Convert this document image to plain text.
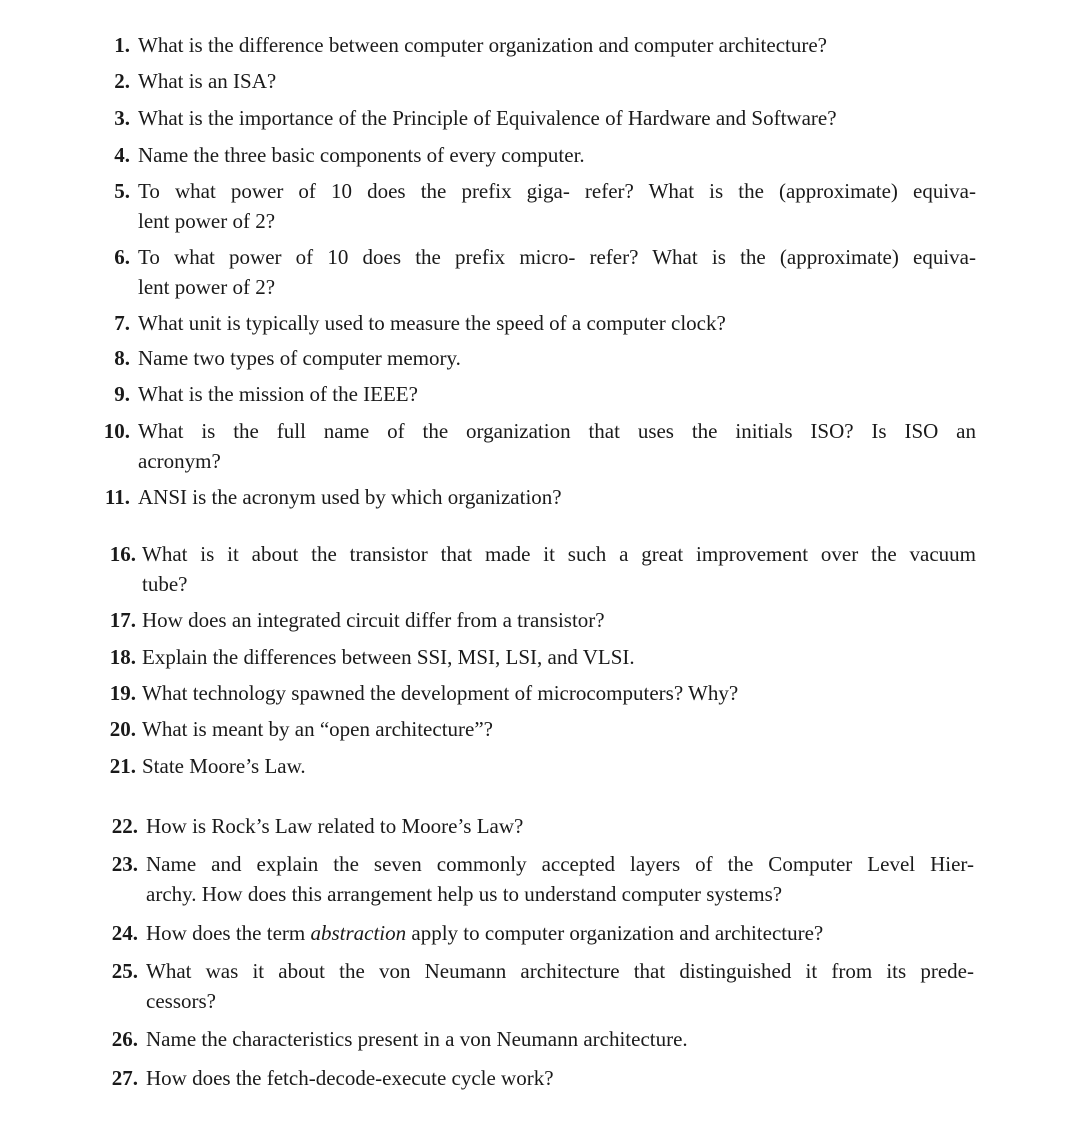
1. What is the difference between computer organization and computer architecture?
2. What is an ISA?
3. What is the importance of the Principle of Equivalence of Hardware and Software?
4. Name the three basic components of every computer.
5. To what power of 10 does the prefix giga- refer? What is the (approximate) equiva-
lent power of 2?
6. To what power of 10 does the prefix micro- refer? What is the (approximate) equiva-
lent power of 2?
7. What unit is typically used to measure the speed of a computer clock?
8. Name two types of computer memory.
9. What is the mission of the IEEE?
10. What is the full name of the organization that uses the initials ISO? Is ISO an
acronym?
11. ANSI is the acronym used by which organization?
16. What is it about the transistor that made it such a great improvement over the vacuum
tube?
17. How does an integrated circuit differ from a transistor?
18. Explain the differences between SSI, MSI, LSI, and VLSI.
19. What technology spawned the development of microcomputers? Why?
20. What is meant by an “open architecture”?
21. State Moore’s Law.
22. How is Rock’s Law related to Moore’s Law?
23. Name and explain the seven commonly accepted layers of the Computer Level Hier-
archy. How does this arrangement help us to understand computer systems?
24. How does the term abstraction apply to computer organization and architecture?
25. What was it about the von Neumann architecture that distinguished it from its prede-
cessors?
26. Name the characteristics present in a von Neumann architecture.
27. How does the fetch-decode-execute cycle work?
